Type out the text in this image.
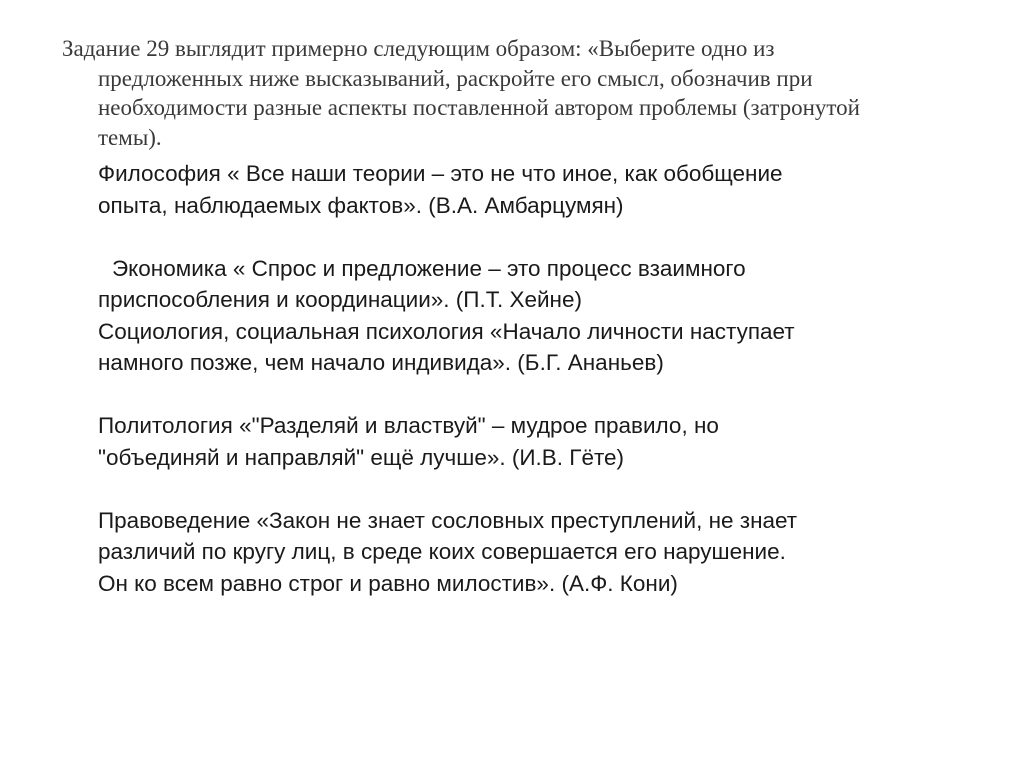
Задание 29 выглядит примерно следующим образом: «Выберите одно из
предложенных ниже высказываний, раскройте его смысл, обозначив при
необходимости разные аспекты поставленной автором проблемы (затронутой
темы).

Философия « Все наши теории – это не что иное, как обобщение
опыта, наблюдаемых фактов». (В.А. Амбарцумян)

Экономика « Спрос и предложение – это процесс взаимного
приспособления и координации». (П.Т. Хейне)

Социология, социальная психология «Начало личности наступает
намного позже, чем начало индивида». (Б.Г. Ананьев)

Политология «"Разделяй и властвуй" – мудрое правило, но
"объединяй и направляй" ещё лучше». (И.В. Гёте)

Правоведение «Закон не знает сословных преступлений, не знает
различий по кругу лиц, в среде коих совершается его нарушение.
Он ко всем равно строг и равно милостив». (А.Ф. Кони)
